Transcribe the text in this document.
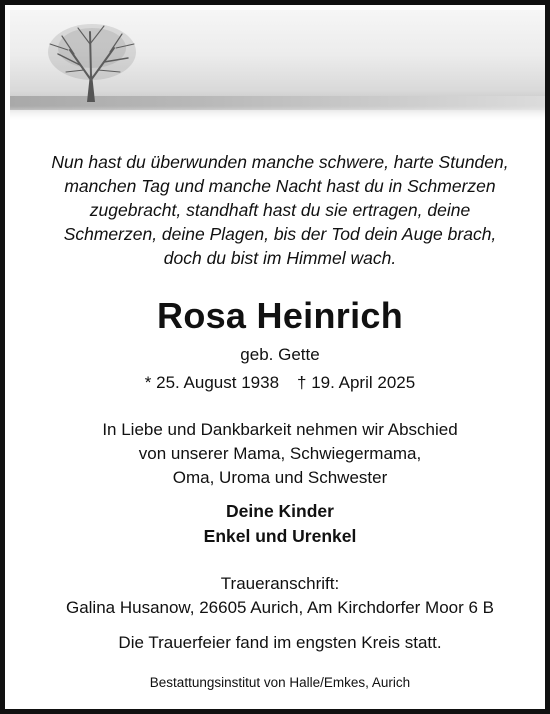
Nun hast du überwunden manche schwere, harte Stunden,
manchen Tag und manche Nacht hast du in Schmerzen
zugebracht, standhaft hast du sie ertragen, deine
Schmerzen, deine Plagen, bis der Tod dein Auge brach,
doch du bist im Himmel wach.
Rosa Heinrich
geb. Gette
* 25. August 1938 † 19. April 2025
In Liebe und Dankbarkeit nehmen wir Abschied
von unserer Mama, Schwiegermama,
Oma, Uroma und Schwester
Deine Kinder
Enkel und Urenkel
Traueranschrift:
Galina Husanow, 26605 Aurich, Am Kirchdorfer Moor 6 B
Die Trauerfeier fand im engsten Kreis statt.
Bestattungsinstitut von Halle/Emkes, Aurich
